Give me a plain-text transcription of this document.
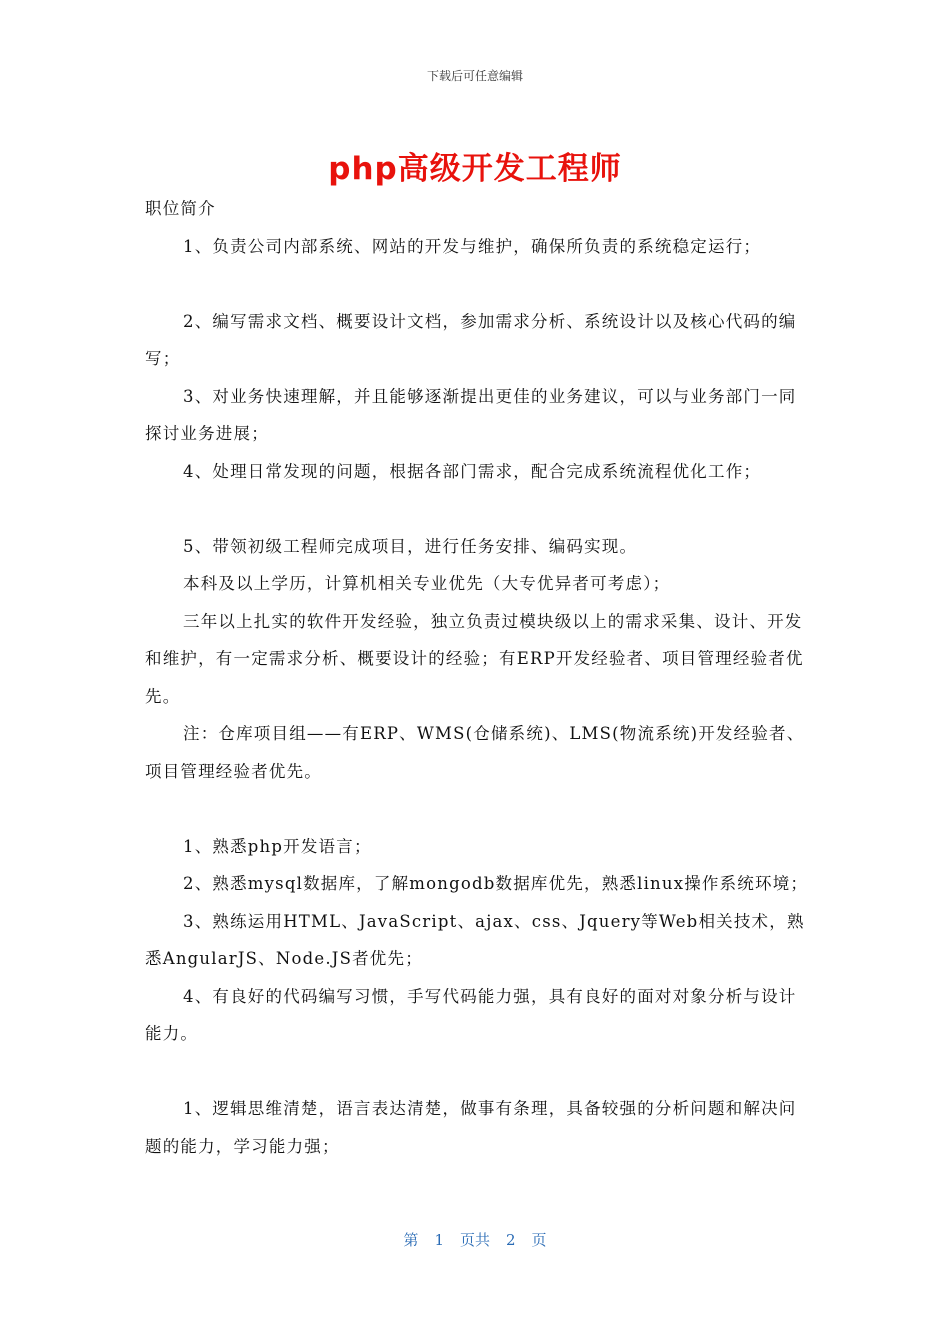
下载后可任意编辑
php高级开发工程师

职位简介

1、负责公司内部系统、网站的开发与维护，确保所负责的系统稳定运行；

2、编写需求文档、概要设计文档，参加需求分析、系统设计以及核心代码的编写；

3、对业务快速理解，并且能够逐渐提出更佳的业务建议，可以与业务部门一同探讨业务进展；

4、处理日常发现的问题，根据各部门需求，配合完成系统流程优化工作；

5、带领初级工程师完成项目，进行任务安排、编码实现。

本科及以上学历，计算机相关专业优先（大专优异者可考虑）；

三年以上扎实的软件开发经验，独立负责过模块级以上的需求采集、设计、开发和维护，有一定需求分析、概要设计的经验；有ERP开发经验者、项目管理经验者优先。

注：仓库项目组——有ERP、WMS(仓储系统)、LMS(物流系统)开发经验者、项目管理经验者优先。

1、熟悉php开发语言；

2、熟悉mysql数据库，了解mongodb数据库优先，熟悉linux操作系统环境；

3、熟练运用HTML、JavaScript、ajax、css、Jquery等Web相关技术，熟悉AngularJS、Node.JS者优先；

4、有良好的代码编写习惯，手写代码能力强，具有良好的面对对象分析与设计能力。

1、逻辑思维清楚，语言表达清楚，做事有条理，具备较强的分析问题和解决问题的能力，学习能力强；

第 1 页共 2 页
